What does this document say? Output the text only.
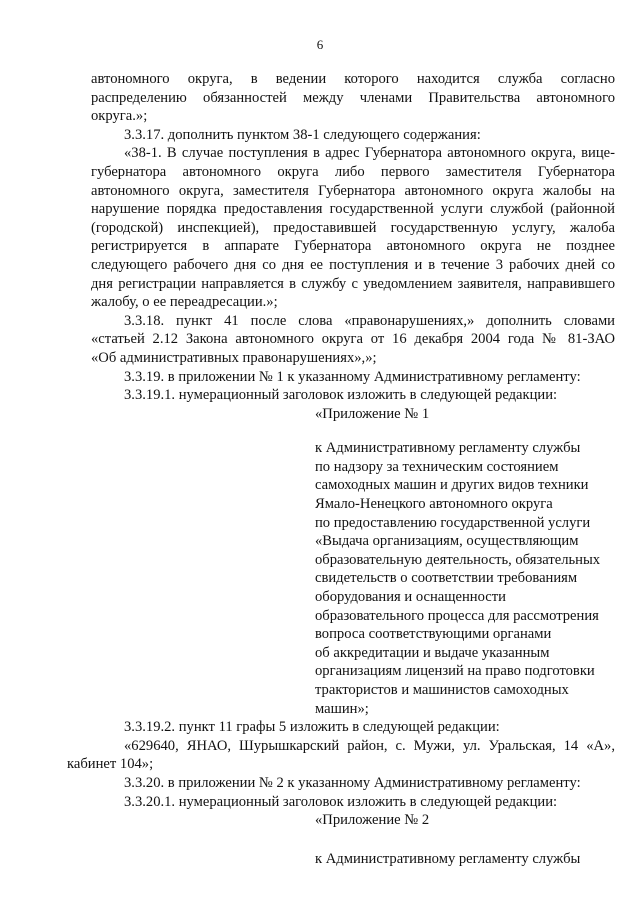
6

автономного округа, в ведении которого находится служба согласно

распределению обязанностей между членами Правительства автономного

округа.»;

3.3.17. дополнить пунктом 38-1 следующего содержания:

«38-1. В случае поступления в адрес Губернатора автономного округа, вице-

губернатора автономного округа либо первого заместителя Губернатора

автономного округа, заместителя Губернатора автономного округа жалобы на

нарушение порядка предоставления государственной услуги службой (районной

(городской) инспекцией), предоставившей государственную услугу, жалоба

регистрируется в аппарате Губернатора автономного округа не позднее

следующего рабочего дня со дня ее поступления и в течение 3 рабочих дней со

дня регистрации направляется в службу с уведомлением заявителя, направившего

жалобу, о ее переадресации.»;

3.3.18. пункт 41 после слова «правонарушениях,» дополнить словами

«статьей 2.12 Закона автономного округа от 16 декабря 2004 года № 81-ЗАО

«Об административных правонарушениях»,»;

3.3.19. в приложении № 1 к указанному Административному регламенту:

3.3.19.1. нумерационный заголовок изложить в следующей редакции:

«Приложение № 1

к Административному регламенту службы

по надзору за техническим состоянием

самоходных машин и других видов техники

Ямало-Ненецкого автономного округа

по предоставлению государственной услуги

«Выдача организациям, осуществляющим

образовательную деятельность, обязательных

свидетельств о соответствии требованиям

оборудования и оснащенности

образовательного процесса для рассмотрения

вопроса соответствующими органами

об аккредитации и выдаче указанным

организациям лицензий на право подготовки

трактористов и машинистов самоходных

машин»;

3.3.19.2. пункт 11 графы 5 изложить в следующей редакции:

«629640, ЯНАО, Шурышкарский район, с. Мужи, ул. Уральская, 14 «А»,

кабинет 104»;

3.3.20. в приложении № 2 к указанному Административному регламенту:

3.3.20.1. нумерационный заголовок изложить в следующей редакции:

«Приложение № 2

к Административному регламенту службы
